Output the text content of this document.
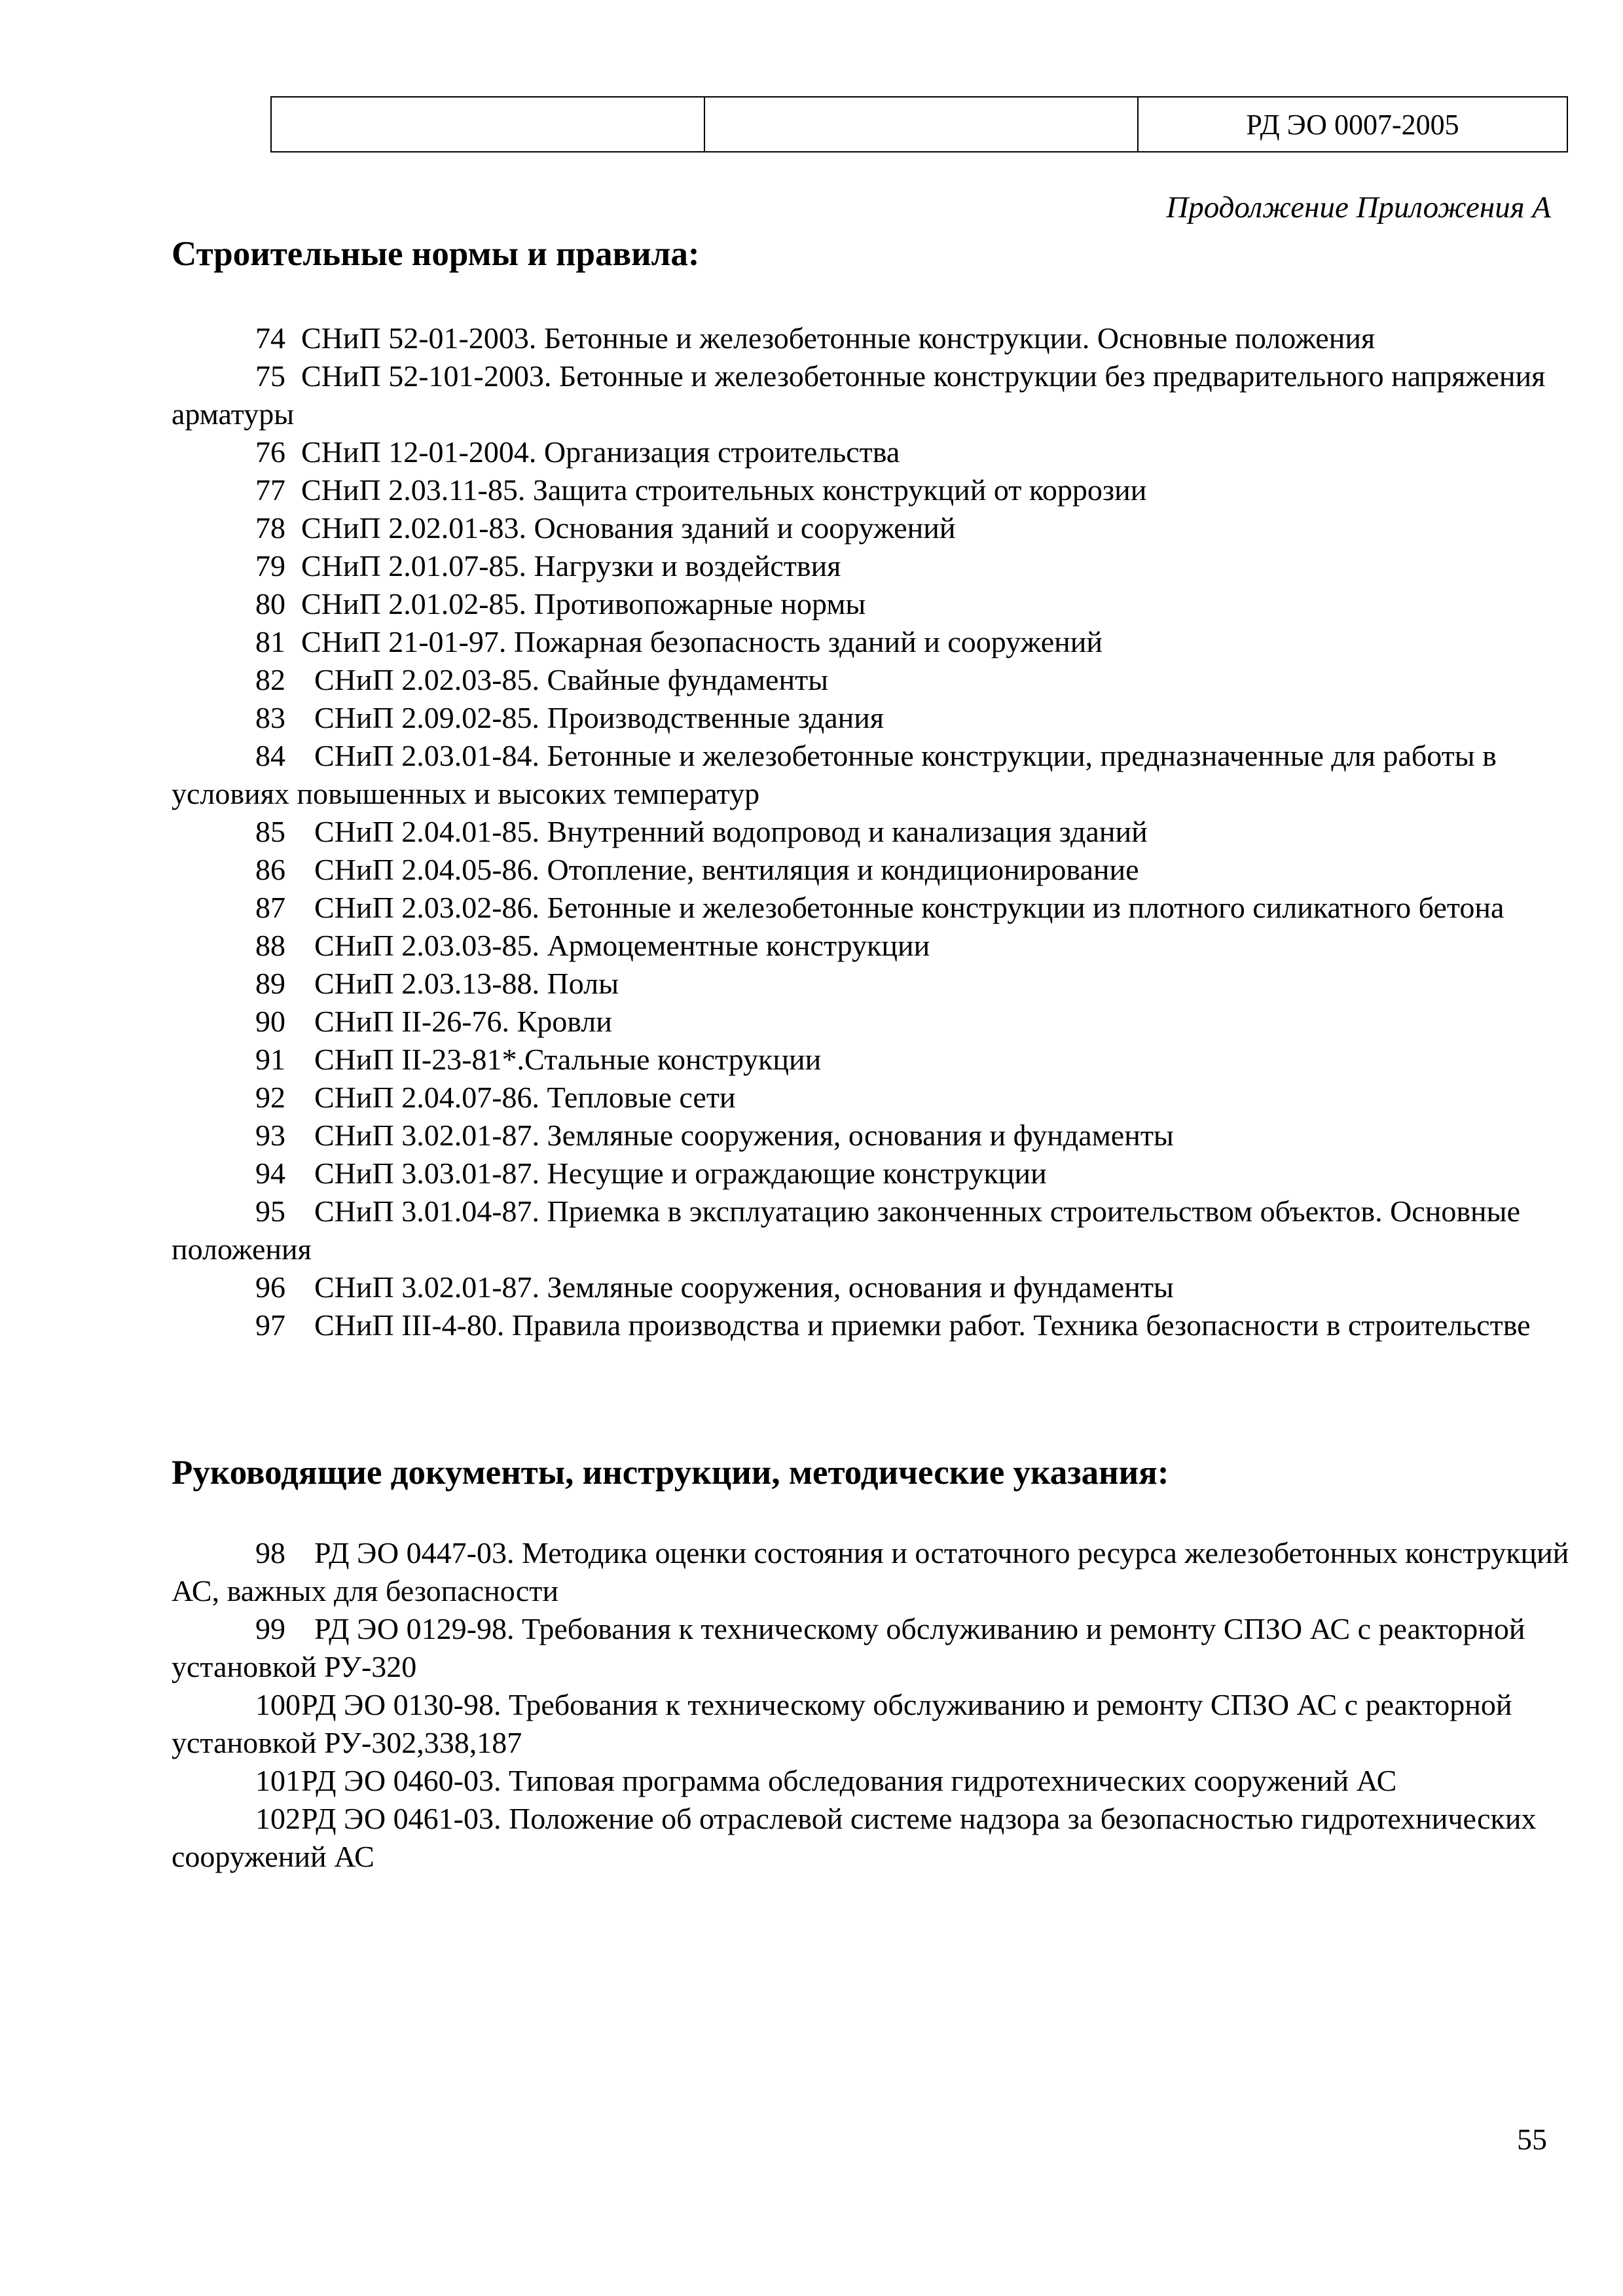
		РД ЭО 0007-2005
Продолжение Приложения А
Строительные нормы и правила:
74 СНиП 52-01-2003. Бетонные и железобетонные конструкции. Основные положения
75 СНиП 52-101-2003. Бетонные и железобетонные конструкции без предварительного напряжения арматуры
76 СНиП 12-01-2004. Организация строительства
77 СНиП 2.03.11-85. Защита строительных конструкций от коррозии
78 СНиП 2.02.01-83. Основания зданий и сооружений
79 СНиП 2.01.07-85. Нагрузки и воздействия
80 СНиП 2.01.02-85. Противопожарные нормы
81 СНиП 21-01-97. Пожарная безопасность зданий и сооружений
82 СНиП 2.02.03-85. Свайные фундаменты
83 СНиП 2.09.02-85. Производственные здания
84 СНиП 2.03.01-84. Бетонные и железобетонные конструкции, предназначенные для работы в условиях повышенных и высоких температур
85 СНиП 2.04.01-85. Внутренний водопровод и канализация зданий
86 СНиП 2.04.05-86. Отопление, вентиляция и кондиционирование
87 СНиП 2.03.02-86. Бетонные и железобетонные конструкции из плотного силикатного бетона
88 СНиП 2.03.03-85. Армоцементные конструкции
89 СНиП 2.03.13-88. Полы
90 СНиП II-26-76. Кровли
91 СНиП II-23-81*.Стальные конструкции
92 СНиП 2.04.07-86. Тепловые сети
93 СНиП 3.02.01-87. Земляные сооружения, основания и фундаменты
94 СНиП 3.03.01-87. Несущие и ограждающие конструкции
95 СНиП 3.01.04-87. Приемка в эксплуатацию законченных строительством объектов. Основные положения
96 СНиП 3.02.01-87. Земляные сооружения, основания и фундаменты
97 СНиП III-4-80. Правила производства и приемки работ. Техника безопасности в строительстве
Руководящие документы, инструкции, методические указания:
98 РД ЭО 0447-03. Методика оценки состояния и остаточного ресурса железобетонных конструкций АС, важных для безопасности
99 РД ЭО 0129-98. Требования к техническому обслуживанию и ремонту СПЗО АС с реакторной установкой РУ-320
100РД ЭО 0130-98. Требования к техническому обслуживанию и ремонту СПЗО АС с реакторной установкой РУ-302,338,187
101РД ЭО 0460-03. Типовая программа обследования гидротехнических сооружений АС
102РД ЭО 0461-03. Положение об отраслевой системе надзора за безопасностью гидротехнических сооружений АС
55
